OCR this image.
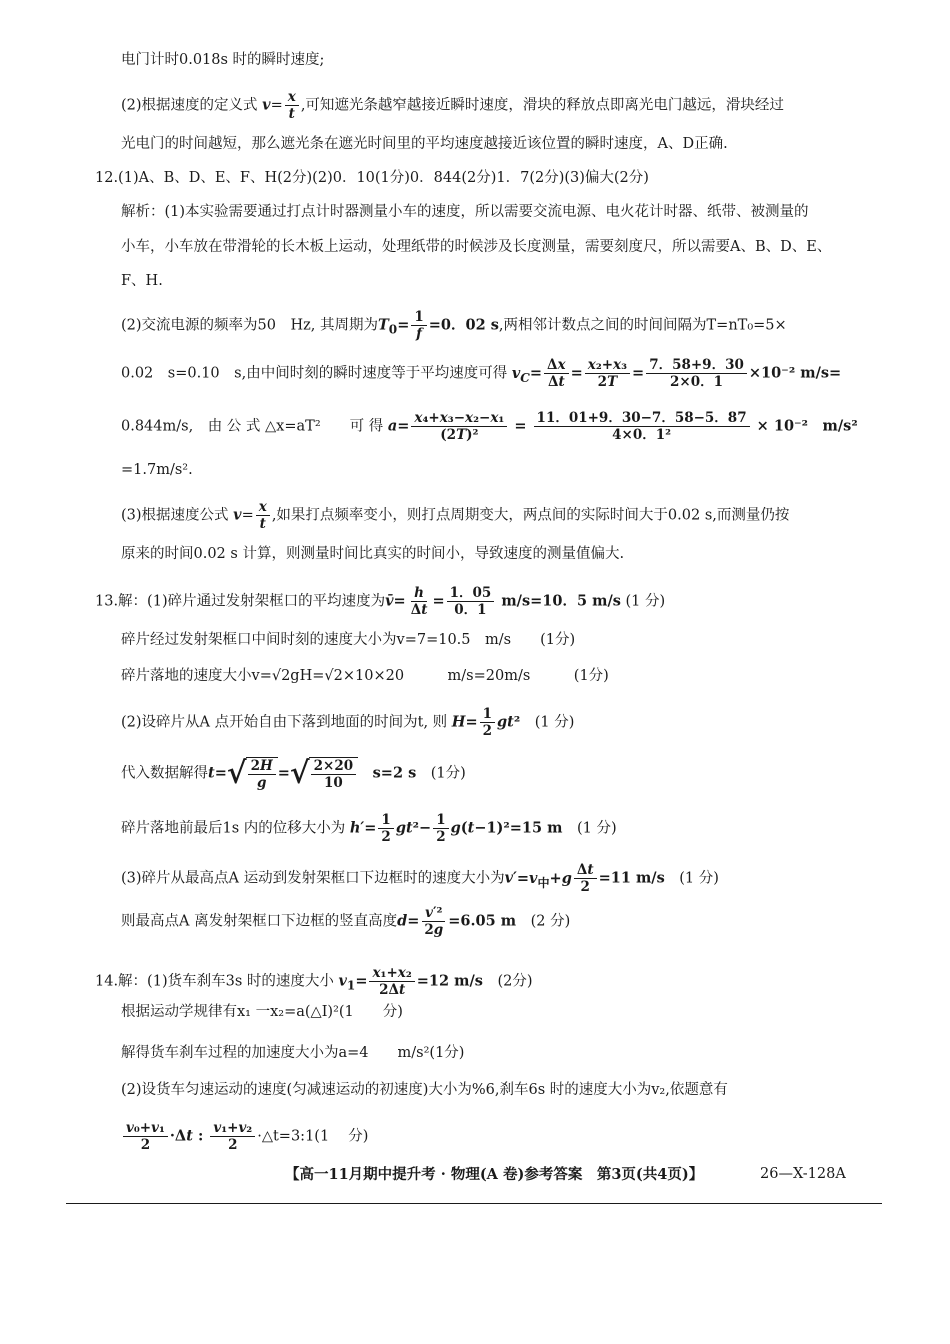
电门计时0.018s 时的瞬时速度;
(2)根据速度的定义式 $v= \frac{x}{t}$ ,可知遮光条越窄越接近瞬时速度，滑块的释放点即离光电门越远，滑块经过
光电门的时间越短，那么遮光条在遮光时间里的平均速度越接近该位置的瞬时速度，A、D正确.
12.(1)A、B、D、E、F、H(2分)(2)0．10(1分)0．844(2分)1．7(2分)(3)偏大(2分)
解析：(1)本实验需要通过打点计时器测量小车的速度，所以需要交流电源、电火花计时器、纸带、被测量的
小车，小车放在带滑轮的长木板上运动，处理纸带的时候涉及长度测量，需要刻度尺，所以需要A、B、D、E、
F、H.
(2)交流电源的频率为50　Hz, 其周期为$T_0= \frac{1}{f} =0$．02 s,两相邻计数点之间的时间间隔为T=nT₀=5×
0.02　s=0.10　s,由中间时刻的瞬时速度等于平均速度可得 $v_C= \frac{\Delta x}{\Delta t} = \frac{\text{x₂+x₃}}{2T} = \frac{7.58+9.30}{2\times 0.1} \times 10^{-2}$ m/s=
0.844m/s,　由 公 式 △x=aT²　　可 得 $a= \frac{\text{x₄+x₃−x₂−x₁}}{\text{(2T)²}} = \frac{11.01+9.30-7.58-5.87}{\text{4×0．1²}} \times 10^{-2}$　m/s²
=1.7m/s².
(3)根据速度公式 $v= \frac{x}{t}$ ,如果打点频率变小，则打点周期变大，两点间的实际时间大于0.02 s,而测量仍按
原来的时间0.02 s 计算，则测量时间比真实的时间小，导致速度的测量值偏大.
13.解：(1)碎片通过发射架框口的平均速度为v̄= $\frac{h}{\Delta t} = \frac{1.05}{0.1} m/s=10$．5 m/s (1 分)
碎片经过发射架框口中间时刻的速度大小为v=7=10.5　m/s　　(1分)
碎片落地的速度大小v=√2gH=√2×10×20　　　m/s=20m/s　　　(1分)
(2)设碎片从A 点开始自由下落到地面的时间为t, 则 $H= \frac{1}{2} gt^2$　 (1 分)
代入数据解得t= √ $\frac{2H}{g}$ = √ $\frac{2\times 20}{10}$ 　s=2 s　 (1分)
碎片落地前最后1s 内的位移大小为 $h'= \frac{1}{2} gt^2- \frac{1}{2} g(t-1)^2=15$ m　 (1 分)
(3)碎片从最高点A 运动到发射架框口下边框时的速度大小为$v'=v_中+g \frac{\Delta t}{2} =11$ m/s　 (1 分)
则最高点A 离发射架框口下边框的竖直高度$d= \frac{\text{v′²}}{2g} =6.05$ m　 (2 分)
14.解：(1)货车刹车3s 时的速度大小 $v_1= \frac{\text{x₁+x₂}}{2\Delta t} =12$ m/s　 (2分)
根据运动学规律有x₁ 一x₂=a(△I)²(1　　分)
解得货车刹车过程的加速度大小为a=4　　m/s²(1分)
(2)设货车匀速运动的速度(匀减速运动的初速度)大小为%6,刹车6s 时的速度大小为v₂,依题意有
$\frac{\text{v₀+v₁}}{2} \cdot\Delta t$ : $\frac{\text{v₁+v₂}}{2}$ ·△t=3:1(1　 分)
【高一11月期中提升考 · 物理(A 卷)参考答案　第3页(共4页)】	26—X-128A
